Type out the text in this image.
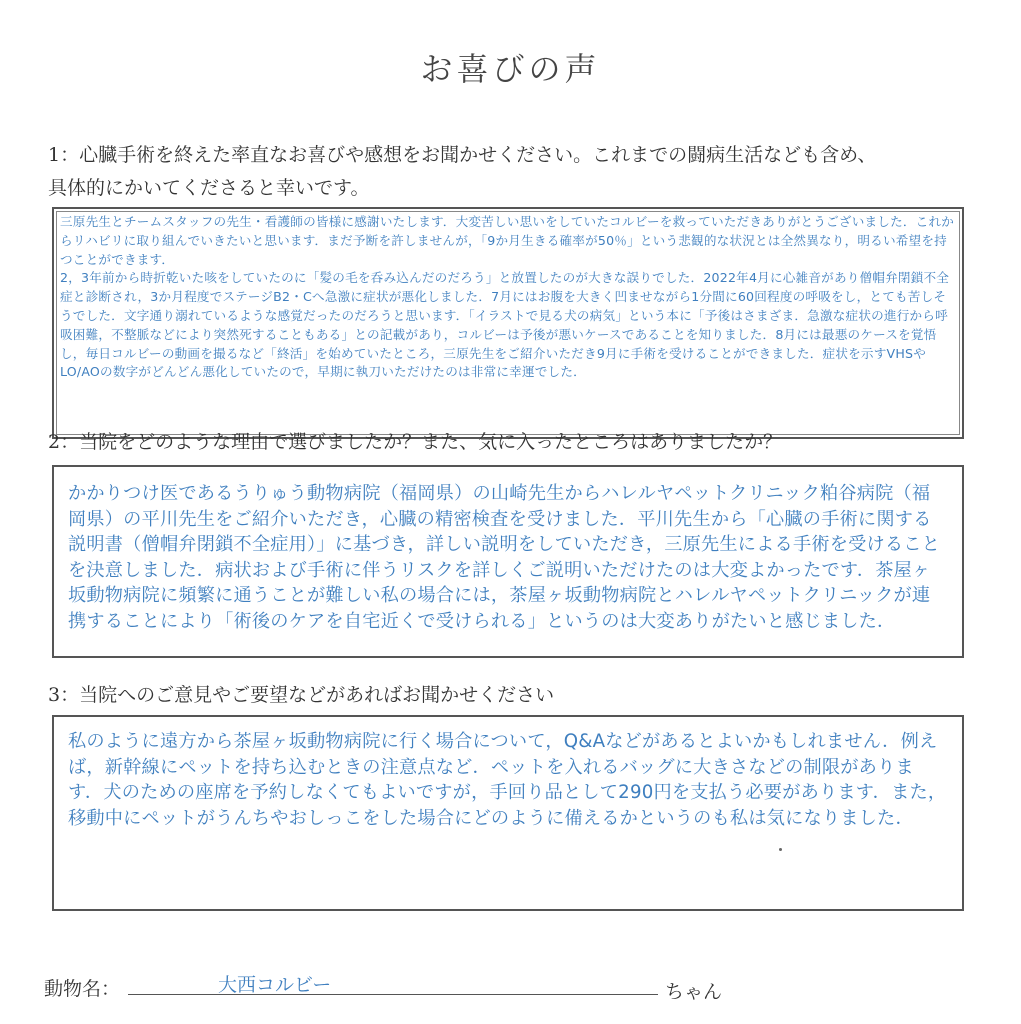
お喜びの声
1：心臓手術を終えた率直なお喜びや感想をお聞かせください。これまでの闘病生活なども含め、
具体的にかいてくださると幸いです。

三原先生とチームスタッフの先生・看護師の皆様に感謝いたします．大変苦しい思いをしていたコルビーを救っていただきありがとうございました．これからリハビリに取り組んでいきたいと思います．まだ予断を許しませんが，「9か月生きる確率が50％」という悲観的な状況とは全然異なり，明るい希望を持つことができます．

2，3年前から時折乾いた咳をしていたのに「髪の毛を呑み込んだのだろう」と放置したのが大きな誤りでした．2022年4月に心雑音があり僧帽弁閉鎖不全症と診断され，3か月程度でステージB2・Cへ急激に症状が悪化しました．7月にはお腹を大きく凹ませながら1分間に60回程度の呼吸をし，とても苦しそうでした．文字通り溺れているような感覚だったのだろうと思います．「イラストで見る犬の病気」という本に「予後はさまざま．急激な症状の進行から呼吸困難，不整脈などにより突然死することもある」との記載があり，コルビーは予後が悪いケースであることを知りました．8月には最悪のケースを覚悟し，毎日コルビーの動画を撮るなど「終活」を始めていたところ，三原先生をご紹介いただき9月に手術を受けることができました．症状を示すVHSやLO/AOの数字がどんどん悪化していたので，早期に執刀いただけたのは非常に幸運でした．

2：当院をどのような理由で選びましたか？また、気に入ったところはありましたか？

かかりつけ医であるうりゅう動物病院（福岡県）の山崎先生からハレルヤペットクリニック粕谷病院（福岡県）の平川先生をご紹介いただき，心臓の精密検査を受けました．平川先生から「心臓の手術に関する説明書（僧帽弁閉鎖不全症用）」に基づき，詳しい説明をしていただき，三原先生による手術を受けることを決意しました．病状および手術に伴うリスクを詳しくご説明いただけたのは大変よかったです．茶屋ヶ坂動物病院に頻繁に通うことが難しい私の場合には，茶屋ヶ坂動物病院とハレルヤペットクリニックが連携することにより「術後のケアを自宅近くで受けられる」というのは大変ありがたいと感じました．

3：当院へのご意見やご要望などがあればお聞かせください

私のように遠方から茶屋ヶ坂動物病院に行く場合について，Q&Aなどがあるとよいかもしれません．例えば，新幹線にペットを持ち込むときの注意点など．ペットを入れるバッグに大きさなどの制限があります．犬のための座席を予約しなくてもよいですが，手回り品として290円を支払う必要があります．また，移動中にペットがうんちやおしっこをした場合にどのように備えるかというのも私は気になりました．

動物名：	大西コルビー	ちゃん
